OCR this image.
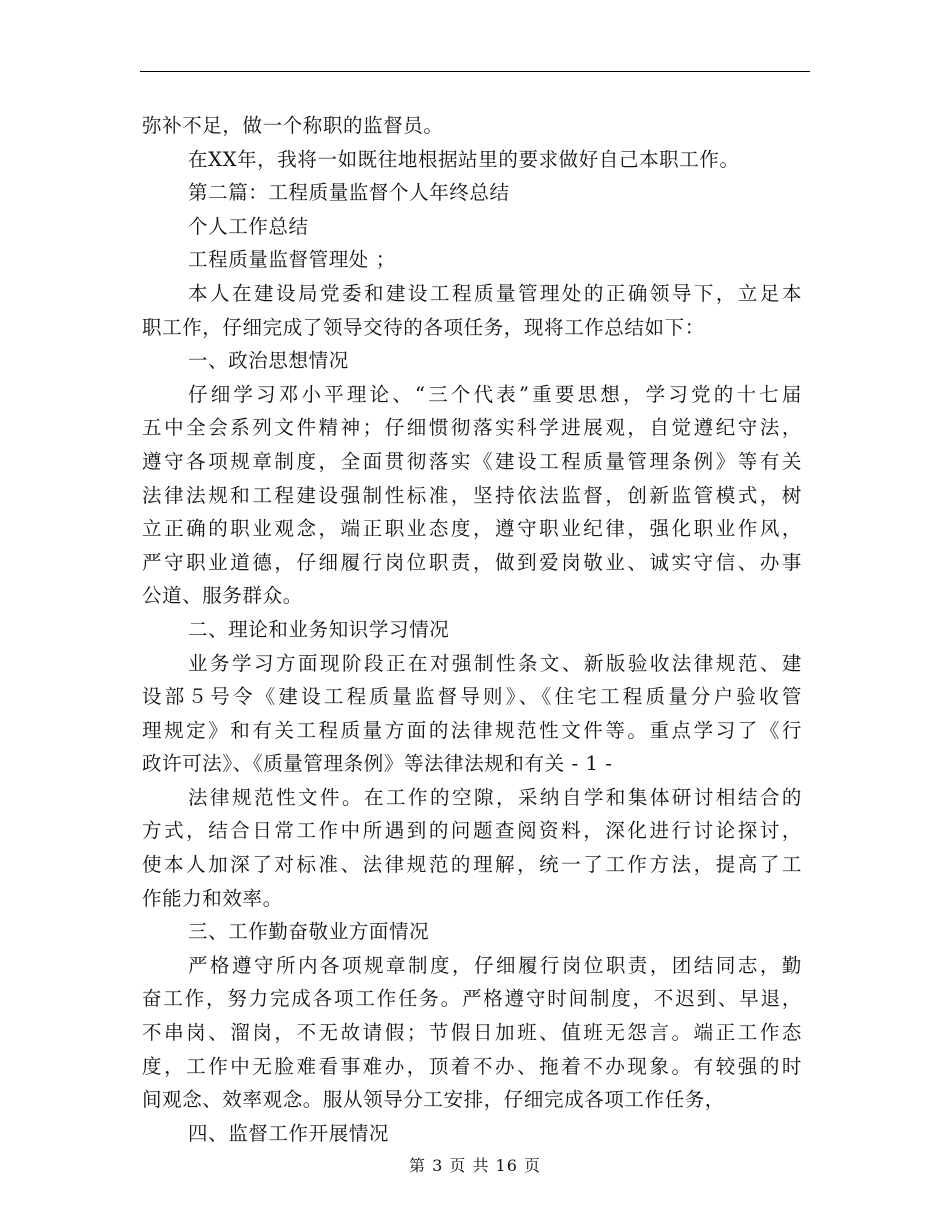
弥补不足，做一个称职的监督员。
在XX年，我将一如既往地根据站里的要求做好自己本职工作。
第二篇：工程质量监督个人年终总结
个人工作总结
工程质量监督管理处 ；
本人在建设局党委和建设工程质量管理处的正确领导下，立足本
职工作，仔细完成了领导交待的各项任务，现将工作总结如下：
一、政治思想情况
仔细学习邓小平理论、“三个代表”重要思想，学习党的十七届
五中全会系列文件精神；仔细惯彻落实科学进展观，自觉遵纪守法，
遵守各项规章制度，全面贯彻落实《建设工程质量管理条例》等有关
法律法规和工程建设强制性标准，坚持依法监督，创新监管模式，树
立正确的职业观念，端正职业态度，遵守职业纪律，强化职业作风，
严守职业道德，仔细履行岗位职责，做到爱岗敬业、诚实守信、办事
公道、服务群众。
二、理论和业务知识学习情况
业务学习方面现阶段正在对强制性条文、新版验收法律规范、建
设部５号令《建设工程质量监督导则》、《住宅工程质量分户验收管
理规定》和有关工程质量方面的法律规范性文件等。重点学习了《行
政许可法》、《质量管理条例》等法律法规和有关 - 1 -
法律规范性文件。在工作的空隙，采纳自学和集体研讨相结合的
方式，结合日常工作中所遇到的问题查阅资料，深化进行讨论探讨，
使本人加深了对标准、法律规范的理解，统一了工作方法，提高了工
作能力和效率。
三、工作勤奋敬业方面情况
严格遵守所内各项规章制度，仔细履行岗位职责，团结同志，勤
奋工作，努力完成各项工作任务。严格遵守时间制度，不迟到、早退，
不串岗、溜岗，不无故请假；节假日加班、值班无怨言。端正工作态
度，工作中无脸难看事难办，顶着不办、拖着不办现象。有较强的时
间观念、效率观念。服从领导分工安排，仔细完成各项工作任务，
四、监督工作开展情况
第 3 页 共 16 页
